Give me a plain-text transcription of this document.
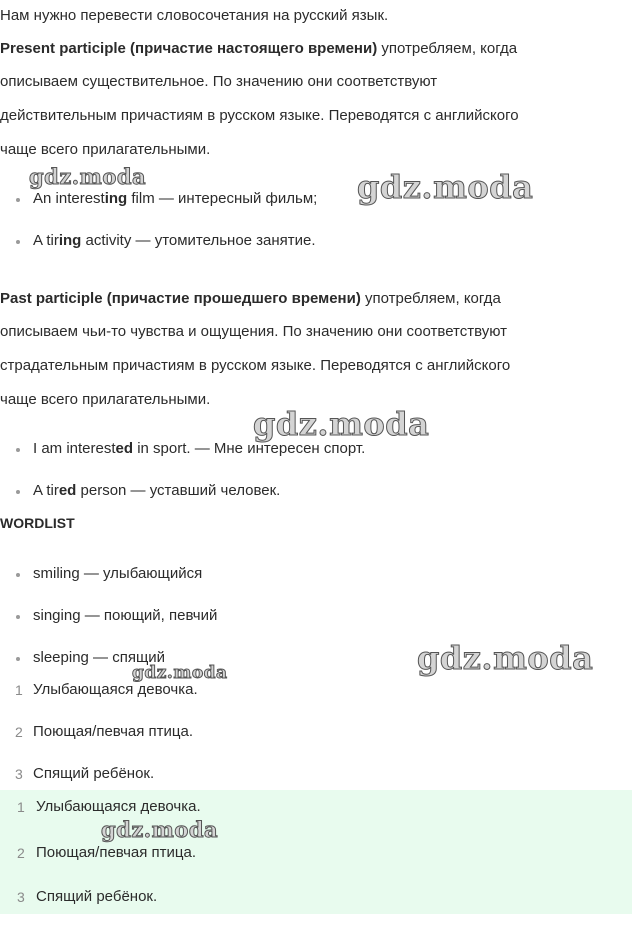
Нам нужно перевести словосочетания на русский язык.
Present participle (причастие настоящего времени) употребляем, когда
описываем существительное. По значению они соответствуют
действительным причастиям в русском языке. Переводятся с английского
чаще всего прилагательными.
An interesting film — интересный фильм;
A tiring activity — утомительное занятие.
Past participle (причастие прошедшего времени) употребляем, когда
описываем чьи-то чувства и ощущения. По значению они соответствуют
страдательным причастиям в русском языке. Переводятся с английского
чаще всего прилагательными.
I am interested in sport. — Мне интересен спорт.
A tired person — уставший человек.
WORDLIST
smiling — улыбающийся
singing — поющий, певчий
sleeping — спящий
1 Улыбающаяся девочка.
2 Поющая/певчая птица.
3 Спящий ребёнок.
1 Улыбающаяся девочка.
2 Поющая/певчая птица.
3 Спящий ребёнок.
gdz.moda	gdz.moda
gdz.moda
gdz.moda
gdz.moda
gdz.moda
